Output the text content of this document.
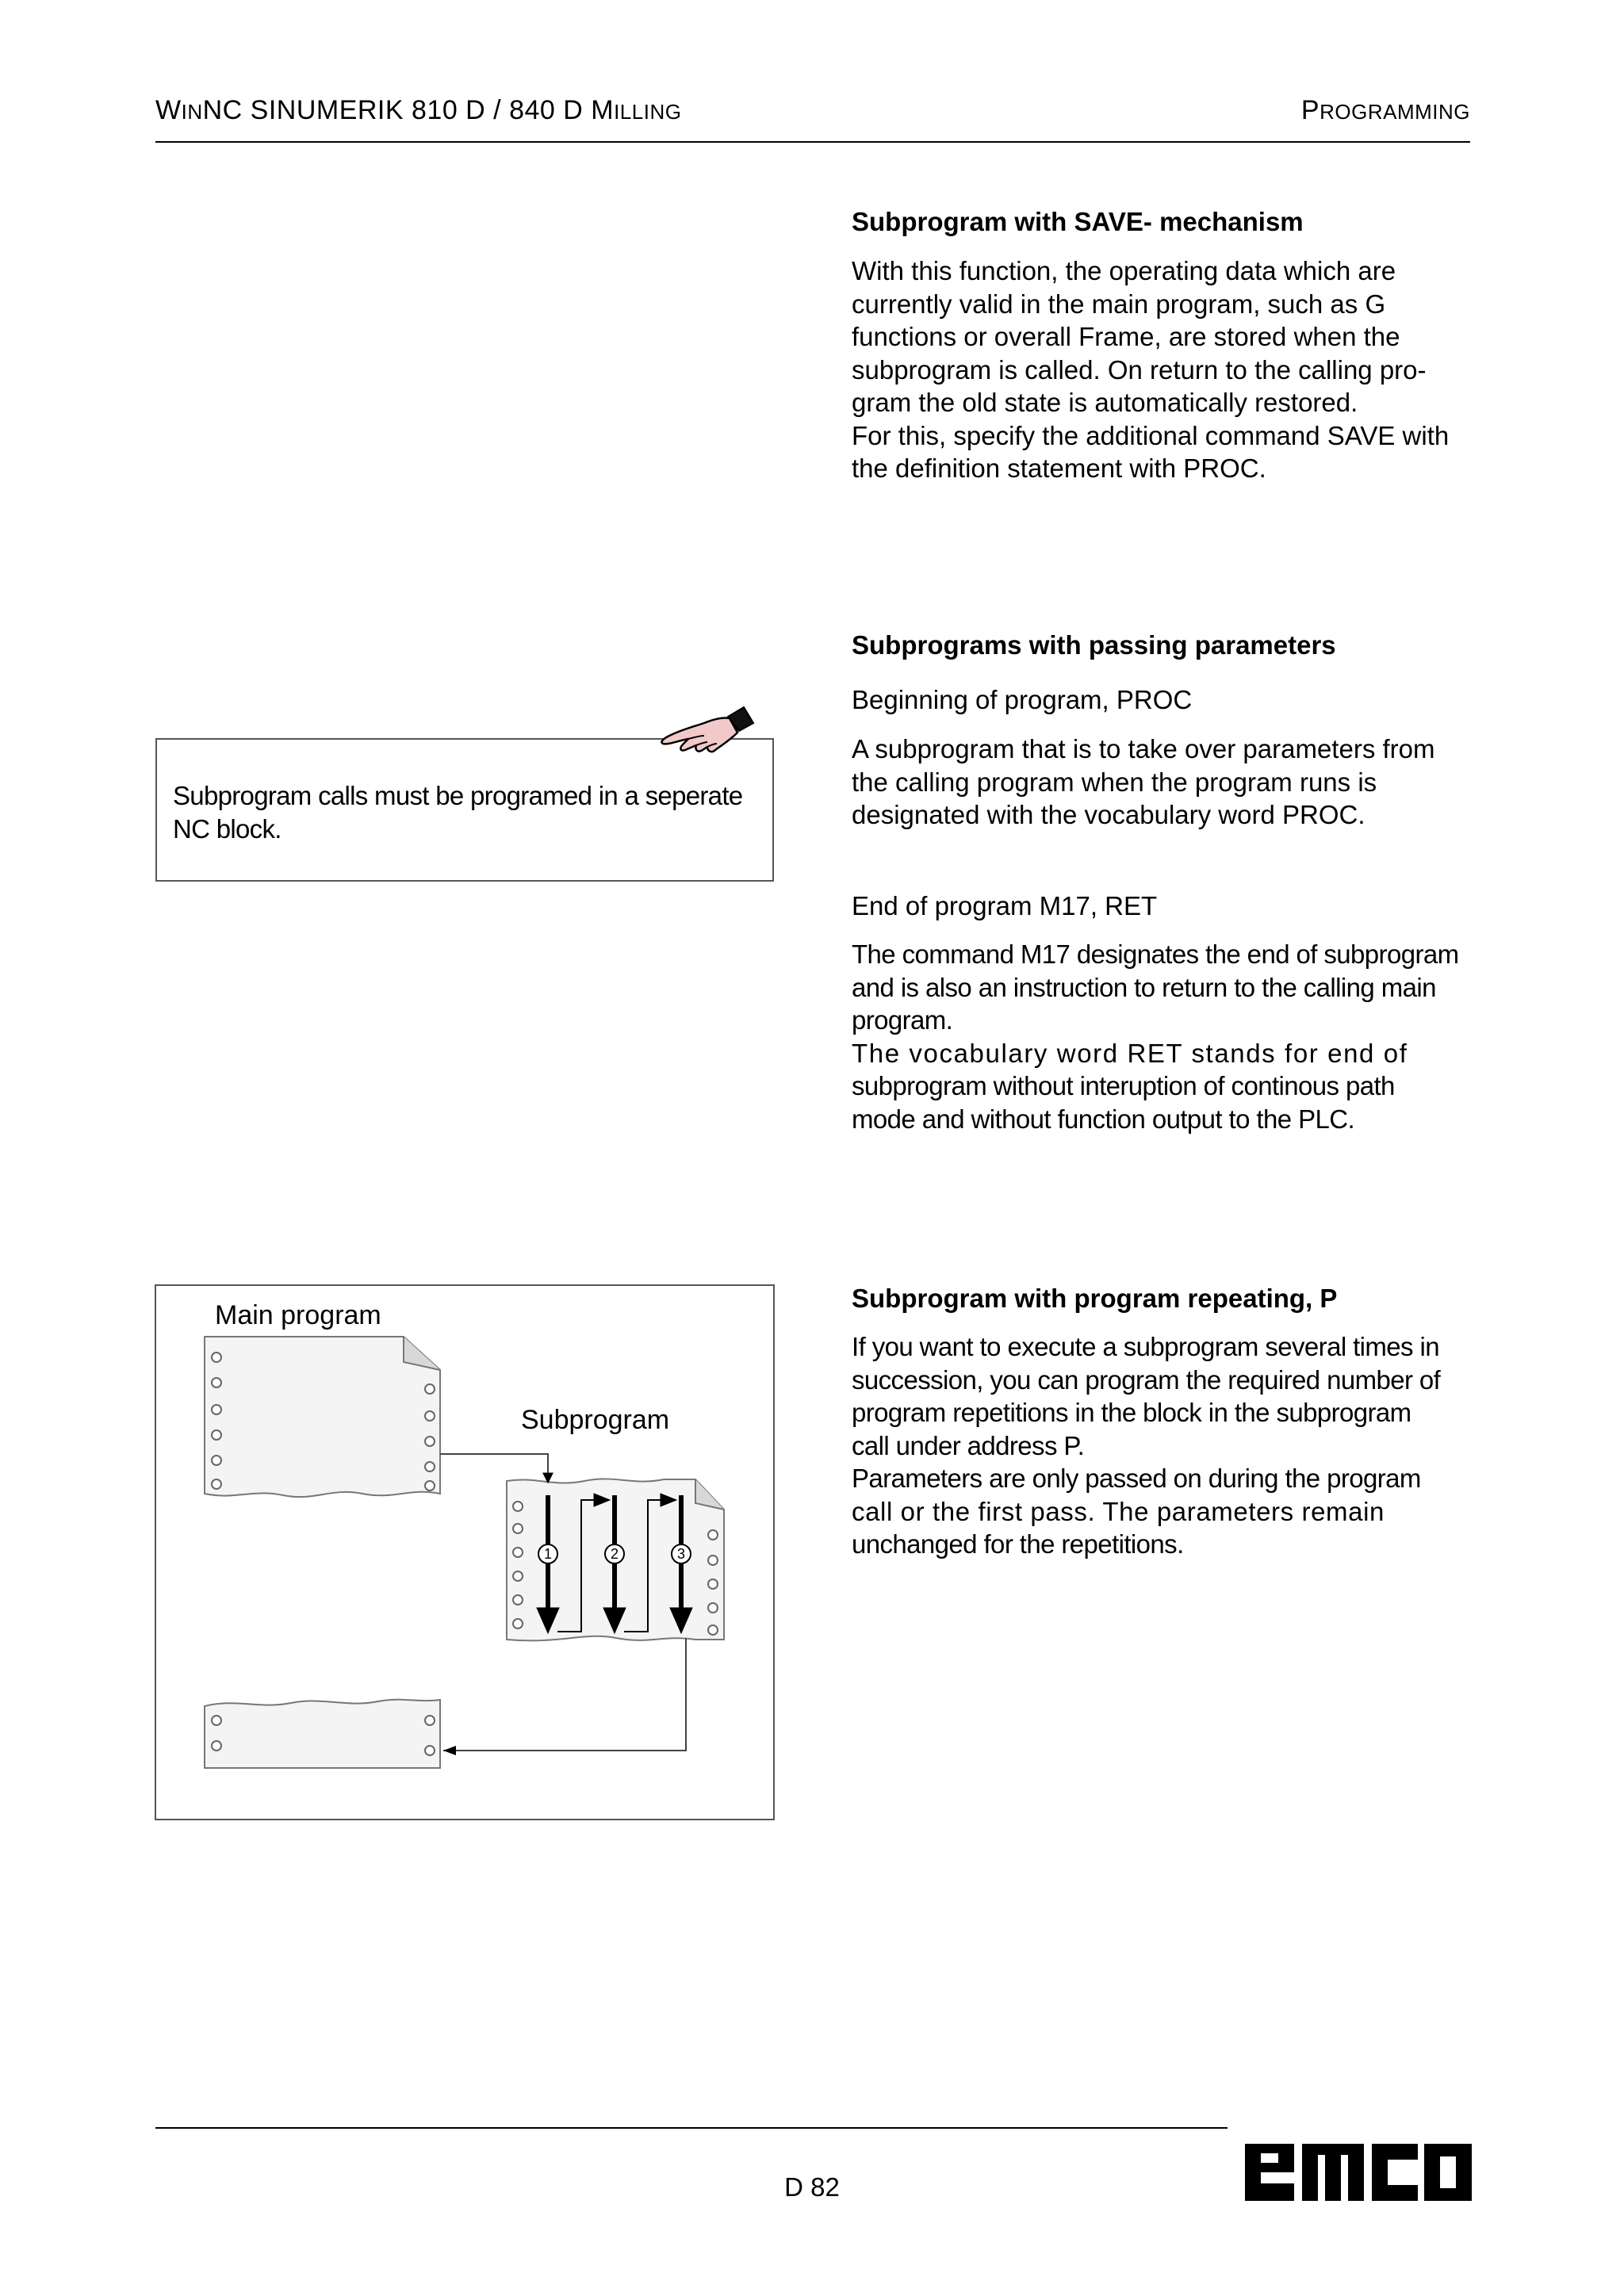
WINNC SINUMERIK 810 D / 840 D MILLING	PROGRAMMING
Subprogram with SAVE- mechanism
With this function, the operating data which are
currently valid in the main program, such as G
functions or overall Frame, are stored when the
subprogram is called. On return to the calling pro-
gram the old state is automatically restored.
For this, specify the additional command SAVE with
the definition statement with PROC.
Subprograms with passing parameters
Beginning of program, PROC
A subprogram that is to take over parameters from
the calling program when the program runs is
designated with the vocabulary word PROC.
End of program M17, RET
The command M17 designates the end of subprogram
and is also an instruction to return to the calling main
program.
The vocabulary word RET stands for end of
subprogram without interuption of continous path
mode and without function output to the PLC.
Subprogram with program repeating, P
If you want to execute a subprogram several times in
succession, you can program the required number of
program repetitions in the block in the subprogram
call under address P.
Parameters are only passed on during the program
call or the first pass. The parameters remain
unchanged for the repetitions.
Subprogram calls must be programed in a seperate
NC block.
Main program
Subprogram
1	2	3
D 82
emco
